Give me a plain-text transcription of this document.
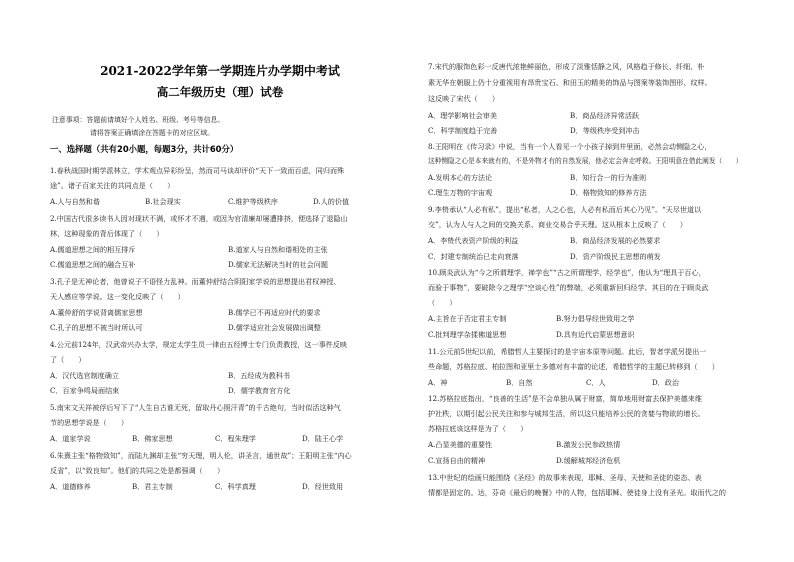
2021-2022学年第一学期连片办学期中考试
高二年级历史（理）试卷
注意事项：答题前请填好个人姓名、班级、考号等信息。
请将答案正确填涂在答题卡的对应区域。
一、选择题（共有20小题，每题3分，共计60分）
1.春秋战国时期学派林立，学术观点异彩纷呈，然而司马谈却评价“天下一致而百虑，同归而殊
途”。诸子百家关注的共同点是（　　）
A.人与自然和谐	B.社会现实	C.维护等级秩序	D.人的价值
2.中国古代很多读书人因对现状不满，或怀才不遇，或因为官清廉却屡遭排挤，便选择了退隐山
林，这种现象的背后体现了（　　）
A.儒道思想之间的相互排斥	B.道家人与自然和谐相处的主张
C.儒道思想之间的融合互补	D.儒家无法解决当时的社会问题
3.孔子是无神论者，他曾说子不语怪力乱神。而董仲舒结合阴阳家学说的思想提出君权神授、
天人感应等学说。这一变化反映了（　　）
A.董仲舒的学说背离儒家思想	B.儒学已不再适应时代的要求
C.孔子的思想不被当时所认可	D.儒学适应社会发展做出调整
4.公元前124年，汉武帝兴办太学，规定太学生员一律由五经博士专门负责教授，这一事件反映
了（　　）
A．汉代选官制度确立	B．五经成为教科书
C．百家争鸣局面结束	D．儒学教育官方化
5.南宋文天祥被俘后写下了“人生自古谁无死，留取丹心照汗青”的千古绝句，当时似活这种气
节的思想学说是（　　）
A．道家学说	B．佛家思想	C．程朱理学	D．陆王心学
6.朱熹主张“格物致知”，而陆九渊却主张“穷天理，明人伦，讲圣言，通世故”；王阳明主张“内心
反省”，以“致良知”。他们的共同之处是都强调（　　）
A．道德修养	B．君主专制	C．科学真理	D．经世致用
7.宋代的服饰色彩一反唐代浓艳鲜丽色，形成了淡雅恬静之风，风格趋于修长、纤细、朴
素无华在朝服上仍十分重视用有昂贵宝石、和田玉的精美的饰品与图案等装饰图形、纹样。
这反映了宋代（　　）
A．理学影响社会审美	B．商品经济异常活跃
C．科学制度趋于完善	D．等级秩序受到冲击
8.王阳明在《传习录》中说，当有一个人看见一个小孩子掉到井里面，必然会动恻隐之心，
这种恻隐之心是本来就有的，不是外物才有的自然发展，他必定会奔走呼救。王阳明意在借此阐发（　　）
A.发明本心的方法论	B．知行合一的行为准则
C.理生万物的宇宙观	D．格物致知的修养方法
9.李贽承认“人必有私”，提出“私者，人之心也，人必有私而后其心乃见”。“天尽世道以
交”，认为人与人之间的交换关系、商业交易合乎天理。这从根本上反映了（　　）
A．李贽代表资产阶级的利益	B．商品经济发展的必然要求
C．封建专制统治已走向衰落	D．资产阶级民主思想的萌发
10.顾炎武认为“今之所谓理学，禅学也”“古之所谓理学，经学也”，他认为“理具于百心，
而验于事物”，要破除今之理学“空谈心性”的弊端，必须重新回归经学。其目的在于顾炎武
（　　）
A.主旨在于否定君主专制	B.努力倡导经世致用之学
C.批判理学杂揉佛道思想	D.具有近代启蒙思想意识
11.公元前5世纪以前，希腊哲人主要探讨的是宇宙本原等问题。此后，智者学派另提出一
些命题，苏格拉底、柏拉图和亚里士多德对有丰富的论述，希腊哲学的主题已转移到（　　）
A．神	B．自然	C．人	D．政治
12.苏格拉底指出，“良善的生活”是不会单独从属于财富，简单地用财富去保护美德来维
护社秩，以期引起公民关注和参与城邦生活，所以这只能培养公民的贪婪与物欲的增长。
苏格拉底该这样是为了（　　）
A.凸显美德的重要性	B.激发公民参政热情
C.宣扬自由的精神	D.缓解城邦经济危机
13.中世纪的绘画只能围绕《圣经》的故事来表现，耶稣、圣母、天使和圣徒的姿态、表
情都是固定的。达，芬奇《最后的晚餐》中的人物，包括耶稣、使徒身上没有圣光。取而代之的
